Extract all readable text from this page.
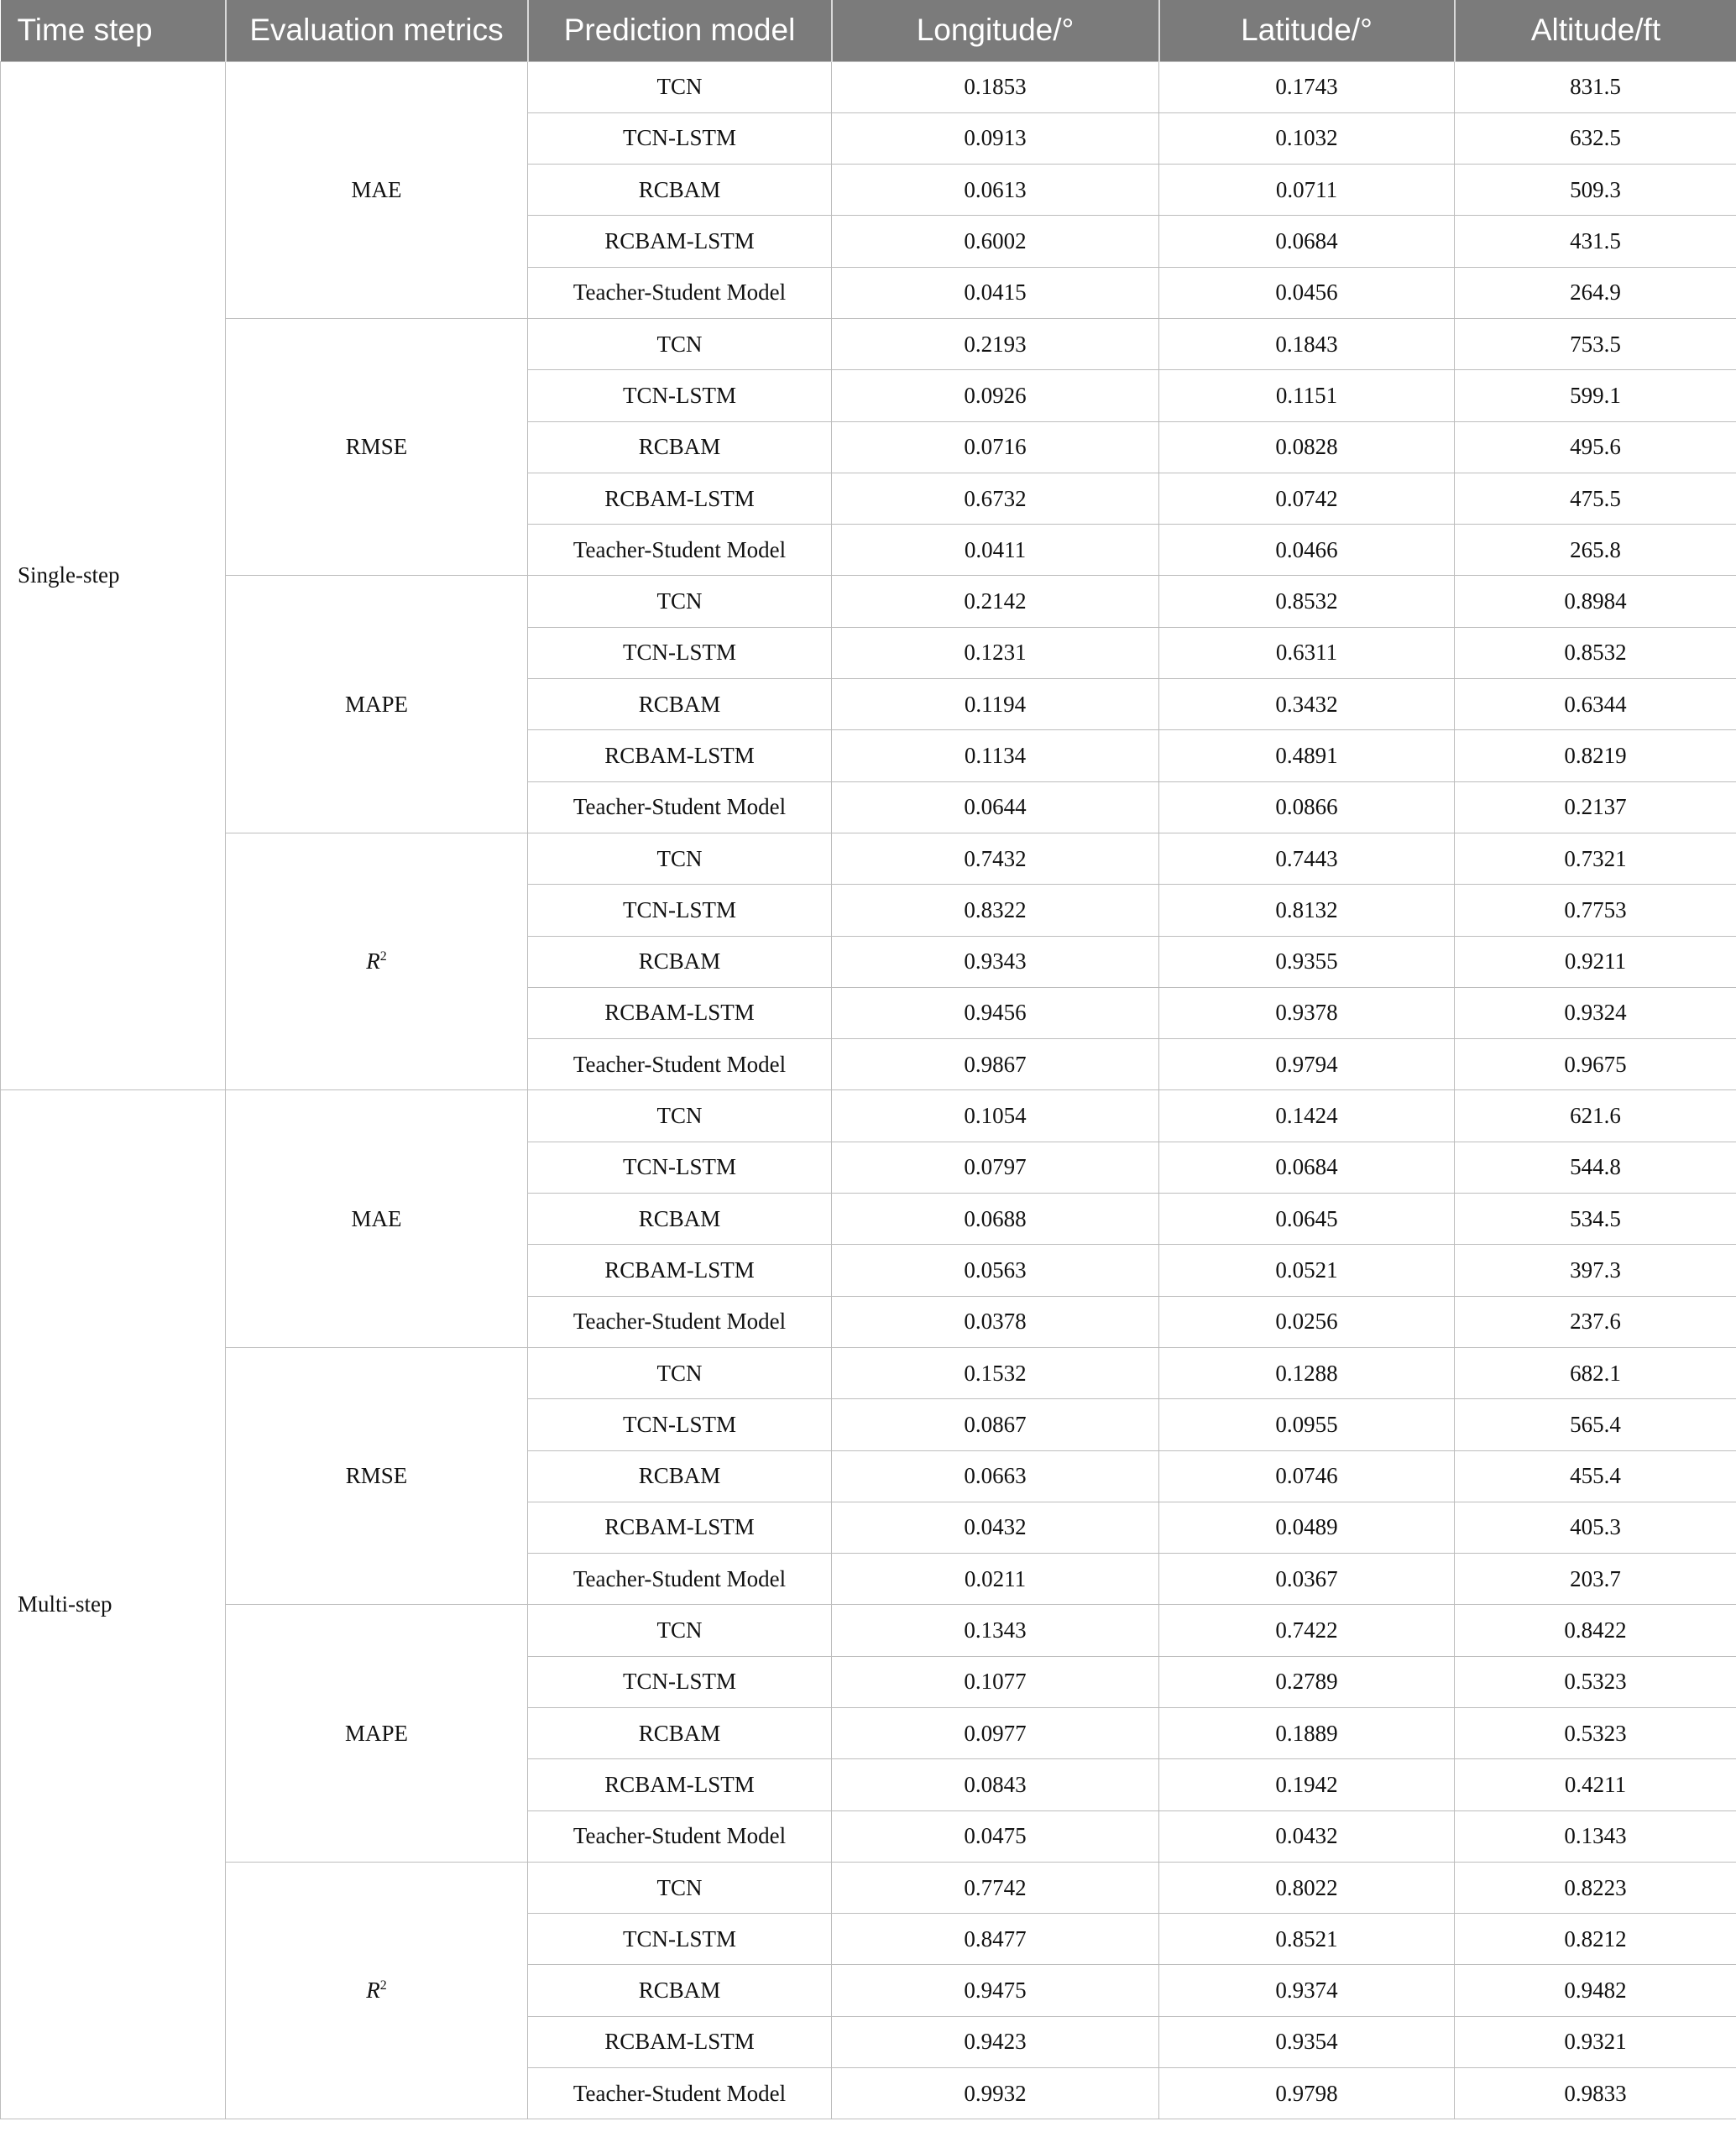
Time step	Evaluation metrics	Prediction model	Longitude/°	Latitude/°	Altitude/ft
Single-step	MAE	TCN	0.1853	0.1743	831.5
		TCN-LSTM	0.0913	0.1032	632.5
		RCBAM	0.0613	0.0711	509.3
		RCBAM-LSTM	0.6002	0.0684	431.5
		Teacher-Student Model	0.0415	0.0456	264.9
	RMSE	TCN	0.2193	0.1843	753.5
		TCN-LSTM	0.0926	0.1151	599.1
		RCBAM	0.0716	0.0828	495.6
		RCBAM-LSTM	0.6732	0.0742	475.5
		Teacher-Student Model	0.0411	0.0466	265.8
	MAPE	TCN	0.2142	0.8532	0.8984
		TCN-LSTM	0.1231	0.6311	0.8532
		RCBAM	0.1194	0.3432	0.6344
		RCBAM-LSTM	0.1134	0.4891	0.8219
		Teacher-Student Model	0.0644	0.0866	0.2137
	$R^2$	TCN	0.7432	0.7443	0.7321
		TCN-LSTM	0.8322	0.8132	0.7753
		RCBAM	0.9343	0.9355	0.9211
		RCBAM-LSTM	0.9456	0.9378	0.9324
		Teacher-Student Model	0.9867	0.9794	0.9675
Multi-step	MAE	TCN	0.1054	0.1424	621.6
		TCN-LSTM	0.0797	0.0684	544.8
		RCBAM	0.0688	0.0645	534.5
		RCBAM-LSTM	0.0563	0.0521	397.3
		Teacher-Student Model	0.0378	0.0256	237.6
	RMSE	TCN	0.1532	0.1288	682.1
		TCN-LSTM	0.0867	0.0955	565.4
		RCBAM	0.0663	0.0746	455.4
		RCBAM-LSTM	0.0432	0.0489	405.3
		Teacher-Student Model	0.0211	0.0367	203.7
	MAPE	TCN	0.1343	0.7422	0.8422
		TCN-LSTM	0.1077	0.2789	0.5323
		RCBAM	0.0977	0.1889	0.5323
		RCBAM-LSTM	0.0843	0.1942	0.4211
		Teacher-Student Model	0.0475	0.0432	0.1343
	$R^2$	TCN	0.7742	0.8022	0.8223
		TCN-LSTM	0.8477	0.8521	0.8212
		RCBAM	0.9475	0.9374	0.9482
		RCBAM-LSTM	0.9423	0.9354	0.9321
		Teacher-Student Model	0.9932	0.9798	0.9833
